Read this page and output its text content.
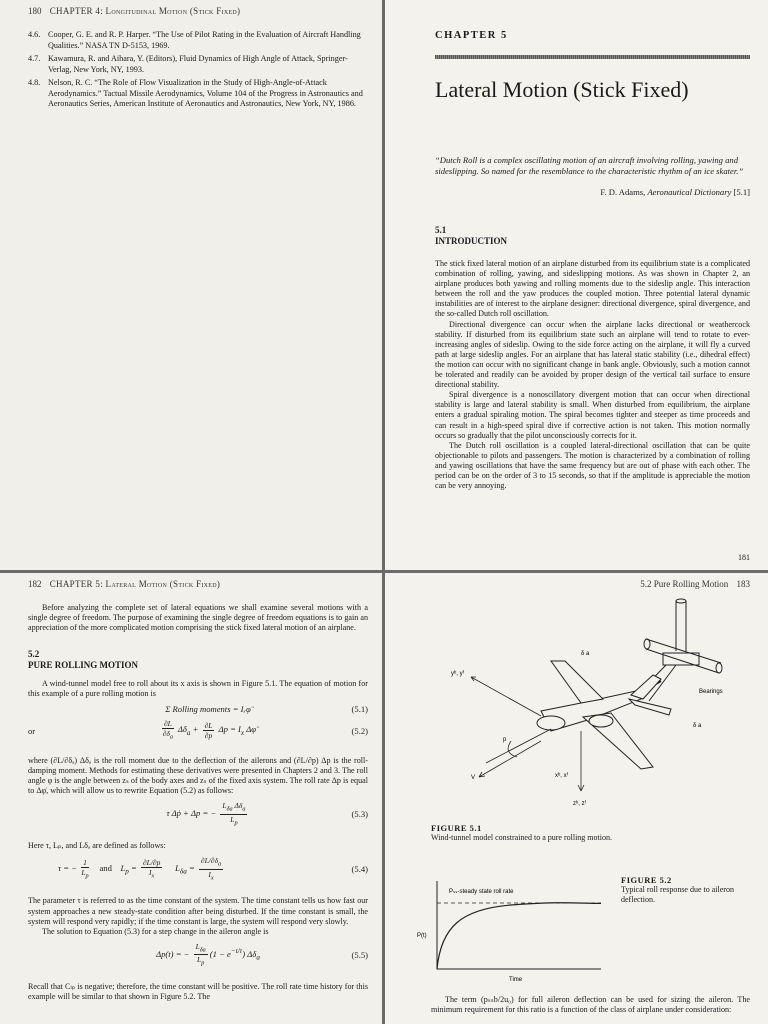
180 CHAPTER 4: Longitudinal Motion (Stick Fixed)
4.6. Cooper, G. E. and R. P. Harper. “The Use of Pilot Rating in the Evaluation of Aircraft Handling Qualities.” NASA TN D-5153, 1969.
4.7. Kawamura, R. and Aihara, Y. (Editors), Fluid Dynamics of High Angle of Attack, Springer-Verlag, New York, NY, 1993.
4.8. Nelson, R. C. “The Role of Flow Visualization in the Study of High-Angle-of-Attack Aerodynamics.” Tactual Missile Aerodynamics, Volume 104 of the Progress in Astronautics and Aeronautics Series, American Institute of Aeronautics and Astronautics, New York, NY, 1986.
CHAPTER 5
Lateral Motion (Stick Fixed)
“Dutch Roll is a complex oscillating motion of an aircraft involving rolling, yawing and sideslipping. So named for the resemblance to the characteristic rhythm of an ice skater.”
F. D. Adams, Aeronautical Dictionary [5.1]
5.1
INTRODUCTION

The stick fixed lateral motion of an airplane disturbed from its equilibrium state is a complicated combination of rolling, yawing, and sideslipping motions. As was shown in Chapter 2, an airplane produces both yawing and rolling moments due to the sideslip angle. This interaction between the roll and the yaw produces the coupled motion. Three potential lateral dynamic instabilities are of interest to the airplane designer: directional divergence, spiral divergence, and the so-called Dutch roll oscillation.

Directional divergence can occur when the airplane lacks directional or weathercock stability. If disturbed from its equilibrium state such an airplane will tend to rotate to ever-increasing angles of sideslip. Owing to the side force acting on the airplane, it will fly a curved path at large sideslip angles. For an airplane that has lateral static stability (i.e., dihedral effect) the motion can occur with no significant change in bank angle. Obviously, such a motion cannot be tolerated and readily can be avoided by proper design of the vertical tail surface to ensure directional stability.

Spiral divergence is a nonoscillatory divergent motion that can occur when directional stability is large and lateral stability is small. When disturbed from equilibrium, the airplane enters a gradual spiraling motion. The spiral becomes tighter and steeper as time proceeds and can result in a high-speed spiral dive if corrective action is not taken. This motion normally occurs so gradually that the pilot unconsciously corrects for it.

The Dutch roll oscillation is a coupled lateral-directional oscillation that can be quite objectionable to pilots and passengers. The motion is characterized by a combination of rolling and yawing oscillations that have the same frequency but are out of phase with each other. The period can be on the order of 3 to 15 seconds, so that if the amplitude is appreciable the motion can be very annoying.

181
182 CHAPTER 5: Lateral Motion (Stick Fixed)

Before analyzing the complete set of lateral equations we shall examine several motions with a single degree of freedom. The purpose of examining the single degree of freedom equations is to gain an appreciation of the more complicated motion comprising the stick fixed lateral motion of an airplane.

5.2
PURE ROLLING MOTION

A wind-tunnel model free to roll about its x axis is shown in Figure 5.1. The equation of motion for this example of a pure rolling motion is

Σ Rolling moments = Iₓφ̈	(5.1)
or	$\frac{\partial L}{\partial\delta_a} \Delta\delta_a + \frac{\partial L}{\partial p}$ $\Delta p = I_x$ Δφ̈	(5.2)

where (∂L/∂δₐ) Δδₐ is the roll moment due to the deflection of the ailerons and (∂L/∂p) Δp is the roll-damping moment. Methods for estimating these derivatives were presented in Chapters 2 and 3. The roll angle φ is the angle between zₛ of the body axes and zₛ of the fixed axis system. The roll rate Δp is equal to Δφ̇, which will allow us to rewrite Equation (5.2) as follows:

τ Δṗ + Δp = − $\frac{L_{\delta a} \Delta\delta_a}{L_p}$	(5.3)

Here τ, Lₚ, and Lδₐ are defined as follows:

τ = − $\frac{1}{L_p}$ and    $L_p = \frac{\partial L/\partial p}{I_x} L_{\delta a} = \frac{\partial L/\partial\delta_a}{I_x}$	(5.4)

The parameter τ is referred to as the time constant of the system. The time constant tells us how fast our system approaches a new steady-state condition after being disturbed. If the time constant is small, the system will respond very rapidly; if the time constant is large, the system will respond very slowly.

The solution to Equation (5.3) for a step change in the aileron angle is

Δp(t) = − $\frac{L_{\delta a}}{L_p} (1 - e^{-t/\tau})$ $\Delta\delta_a$	(5.5)

Recall that Cₗₚ is negative; therefore, the time constant will be positive. The roll rate time history for this example will be similar to that shown in Figure 5.2. The

5.2 Pure Rolling Motion 183
yᵇ, yᶠ
δ a
Bearings
δ a
p
xᵇ, xᶠ
V
zᵇ, zᶠ
FIGURE 5.1
Wind-tunnel model constrained to a pure rolling motion.
Pₛₛ-steady state roll rate
P(t)
Time
FIGURE 5.2
Typical roll response due to aileron deflection.

The term (pₛₛb/2u₀) for full aileron deflection can be used for sizing the aileron. The minimum requirement for this ratio is a function of the class of airplane under consideration:
